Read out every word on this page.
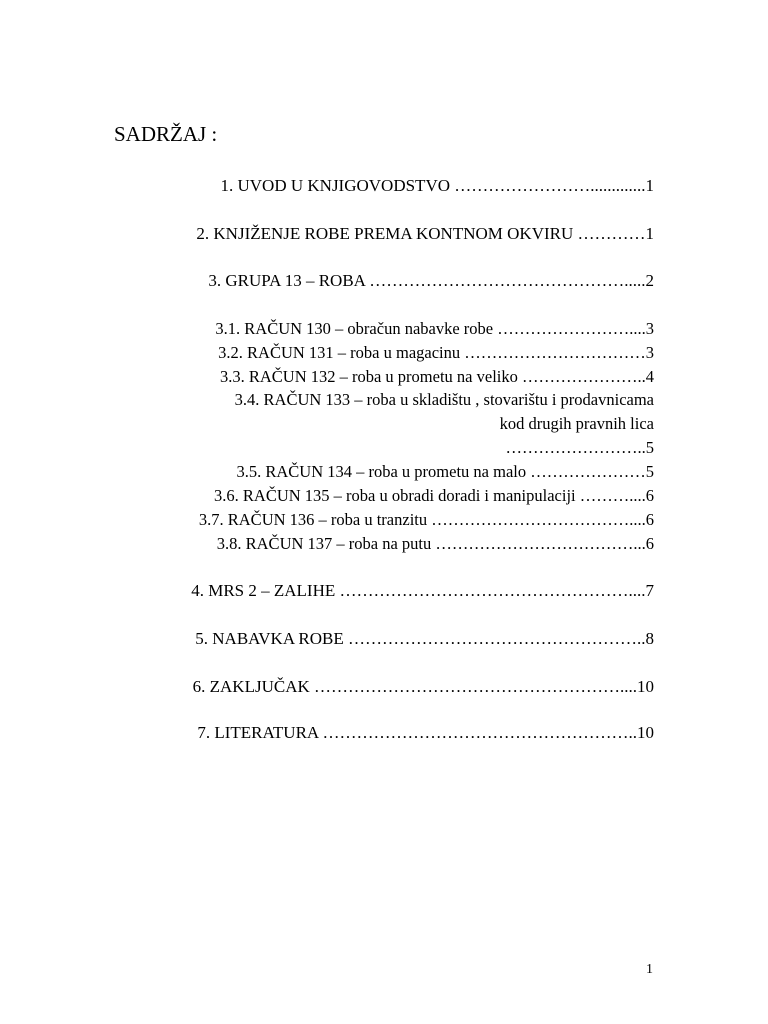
SADRŽAJ :
1. UVOD U KNJIGOVODSTVO …………………….............1
2. KNJIŽENJE ROBE PREMA KONTNOM OKVIRU …………1
3. GRUPA 13 – ROBA ……………………………………….....2
3.1. RAČUN 130 – obračun nabavke robe ……………………....3
3.2. RAČUN 131 – roba u magacinu ……………………………3
3.3. RAČUN 132 – roba u prometu na veliko …………………..4
3.4. RAČUN 133 – roba u skladištu , stovarištu i prodavnicama
kod drugih pravnih lica
……………………..5
3.5. RAČUN 134 – roba u prometu na malo …………………5
3.6. RAČUN 135 – roba u obradi doradi i manipulaciji ………....6
3.7. RAČUN 136 – roba u tranzitu ………………………………....6
3.8. RAČUN 137 – roba na putu ………………………………...6
4. MRS 2 – ZALIHE ……………………………………………....7
5. NABAVKA ROBE ……………………………………………..8
6. ZAKLJUČAK ………………………………………………....10
7. LITERATURA ………………………………………………..10
1
